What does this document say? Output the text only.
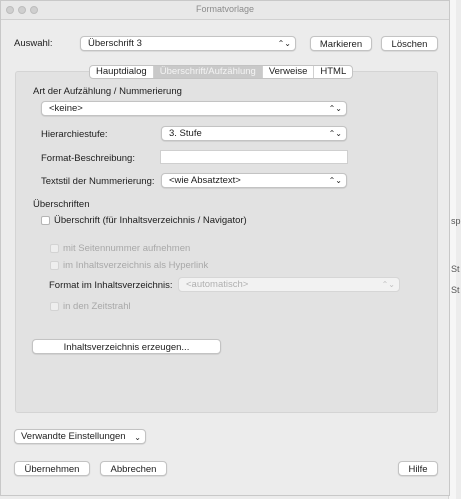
sp
St
St
Formatvorlage
Auswahl:	Überschrift 3	⌃⌄	Markieren	Löschen
Hauptdialog	Überschrift/Aufzählung	Verweise	HTML
Art der Aufzählung / Nummerierung
<keine>	⌃⌄
Hierarchiestufe:	3. Stufe	⌃⌄
Format-Beschreibung:
Textstil der Nummerierung:	<wie Absatztext>	⌃⌄
Überschriften
Überschrift (für Inhaltsverzeichnis / Navigator)
mit Seitennummer aufnehmen
im Inhaltsverzeichnis als Hyperlink
Format im Inhaltsverzeichnis:	<automatisch>	⌃⌄
in den Zeitstrahl
Inhaltsverzeichnis erzeugen...
Verwandte Einstellungen ⌄
Übernehmen	Abbrechen	Hilfe
